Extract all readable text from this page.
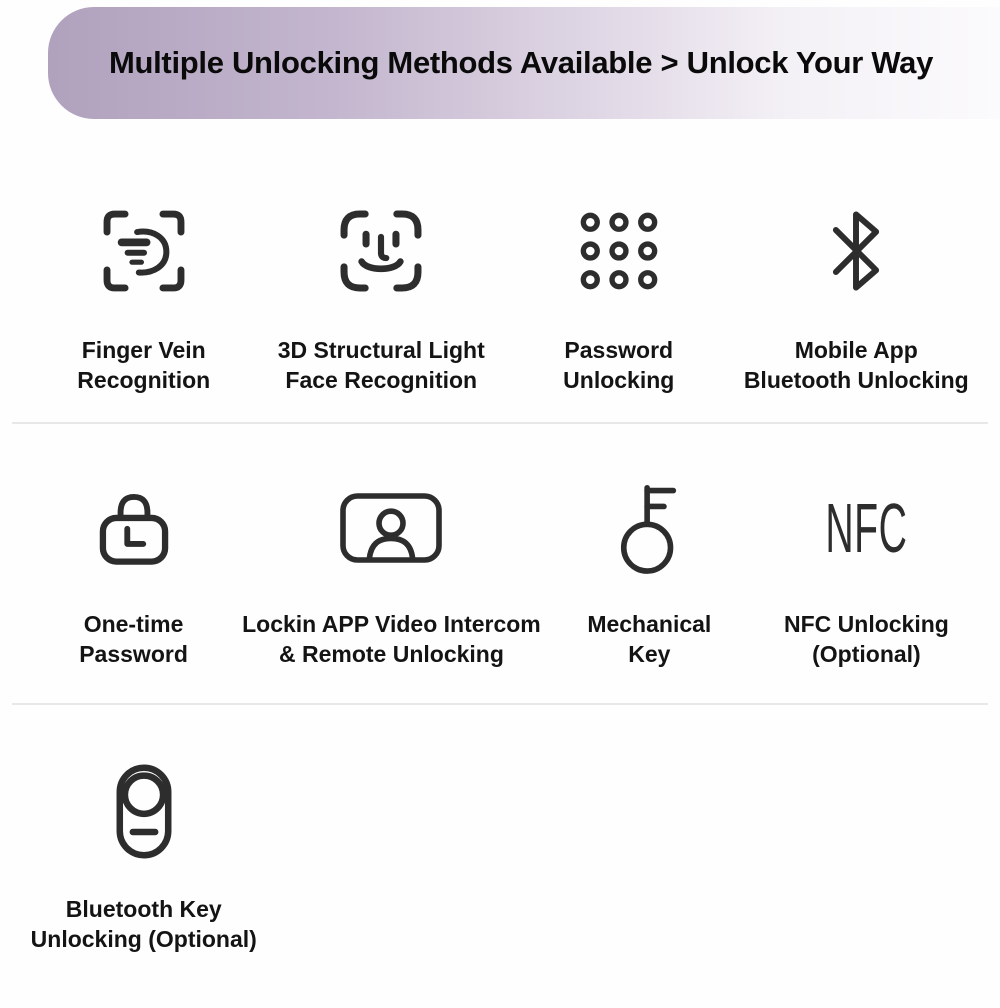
Multiple Unlocking Methods Available > Unlock Your Way
Finger Vein
Recognition
3D Structural Light
Face Recognition
Password
Unlocking
Mobile App
Bluetooth Unlocking
One-time
Password
Lockin APP Video Intercom
& Remote Unlocking
Mechanical
Key
NFC
NFC Unlocking
(Optional)
Bluetooth Key
Unlocking (Optional)
